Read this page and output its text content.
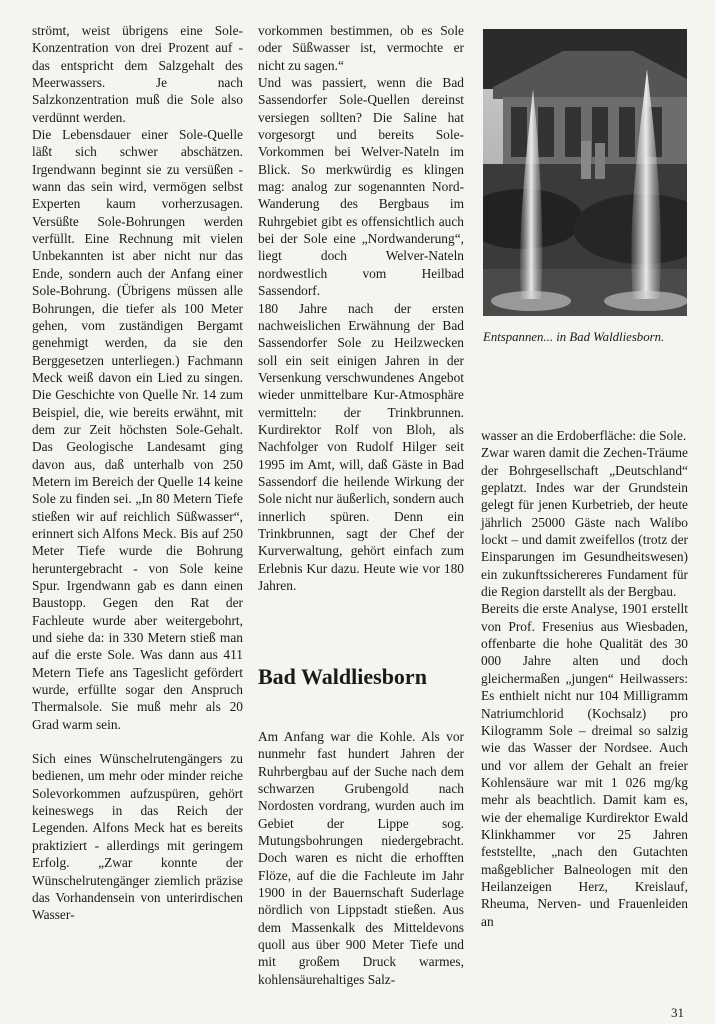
strömt, weist übrigens eine Sole-Konzentration von drei Prozent auf - das entspricht dem Salzgehalt des Meerwassers. Je nach Salzkonzentration muß die Sole also verdünnt werden.

Die Lebensdauer einer Sole-Quelle läßt sich schwer abschätzen. Irgendwann beginnt sie zu versüßen - wann das sein wird, vermögen selbst Experten kaum vorherzusagen. Versüßte Sole-Bohrungen werden verfüllt. Eine Rechnung mit vielen Unbekannten ist aber nicht nur das Ende, sondern auch der Anfang einer Sole-Bohrung. (Übrigens müssen alle Bohrungen, die tiefer als 100 Meter gehen, vom zuständigen Bergamt genehmigt werden, da sie den Berggesetzen unterliegen.) Fachmann Meck weiß davon ein Lied zu singen. Die Geschichte von Quelle Nr. 14 zum Beispiel, die, wie bereits erwähnt, mit dem zur Zeit höchsten Sole-Gehalt. Das Geologische Landesamt ging davon aus, daß unterhalb von 250 Metern im Bereich der Quelle 14 keine Sole zu finden sei. „In 80 Metern Tiefe stießen wir auf reichlich Süßwasser“, erinnert sich Alfons Meck. Bis auf 250 Meter Tiefe wurde die Bohrung heruntergebracht - von Sole keine Spur. Irgendwann gab es dann einen Baustopp. Gegen den Rat der Fachleute wurde aber weitergebohrt, und siehe da: in 330 Metern stieß man auf die erste Sole. Was dann aus 411 Metern Tiefe ans Tageslicht gefördert wurde, erfüllte sogar den Anspruch Thermalsole. Sie muß mehr als 20 Grad warm sein.

Sich eines Wünschelrutengängers zu bedienen, um mehr oder minder reiche Solevorkommen aufzuspüren, gehört keineswegs in das Reich der Legenden. Alfons Meck hat es bereits praktiziert - allerdings mit geringem Erfolg. „Zwar konnte der Wünschelrutengänger ziemlich präzise das Vorhandensein von unterirdischen Wasser-

vorkommen bestimmen, ob es Sole oder Süßwasser ist, vermochte er nicht zu sagen.“

Und was passiert, wenn die Bad Sassendorfer Sole-Quellen dereinst versiegen sollten? Die Saline hat vorgesorgt und bereits Sole-Vorkommen bei Welver-Nateln im Blick. So merkwürdig es klingen mag: analog zur sogenannten Nord-Wanderung des Bergbaus im Ruhrgebiet gibt es offensichtlich auch bei der Sole eine „Nordwanderung“, liegt doch Welver-Nateln nordwestlich vom Heilbad Sassendorf.

180 Jahre nach der ersten nachweislichen Erwähnung der Bad Sassendorfer Sole zu Heilzwecken soll ein seit einigen Jahren in der Versenkung verschwundenes Angebot wieder unmittelbare Kur-Atmosphäre vermitteln: der Trinkbrunnen. Kurdirektor Rolf von Bloh, als Nachfolger von Rudolf Hilger seit 1995 im Amt, will, daß Gäste in Bad Sassendorf die heilende Wirkung der Sole nicht nur äußerlich, sondern auch innerlich spüren. Denn ein Trinkbrunnen, sagt der Chef der Kurverwaltung, gehört einfach zum Erlebnis Kur dazu. Heute wie vor 180 Jahren.

Bad Waldliesborn

Am Anfang war die Kohle. Als vor nunmehr fast hundert Jahren der Ruhrbergbau auf der Suche nach dem schwarzen Grubengold nach Nordosten vordrang, wurden auch im Gebiet der Lippe sog. Mutungsbohrungen niedergebracht. Doch waren es nicht die erhofften Flöze, auf die die Fachleute im Jahr 1900 in der Bauernschaft Suderlage nördlich von Lippstadt stießen. Aus dem Massenkalk des Mitteldevons quoll aus über 900 Meter Tiefe und mit großem Druck warmes, kohlensäurehaltiges Salz-

Entspannen... in Bad Waldliesborn.

wasser an die Erdoberfläche: die Sole.

Zwar waren damit die Zechen-Träume der Bohrgesellschaft „Deutschland“ geplatzt. Indes war der Grundstein gelegt für jenen Kurbetrieb, der heute jährlich 25000 Gäste nach Walibo lockt – und damit zweifellos (trotz der Einsparungen im Gesundheitswesen) ein zukunftssichereres Fundament für die Region darstellt als der Bergbau.

Bereits die erste Analyse, 1901 erstellt von Prof. Fresenius aus Wiesbaden, offenbarte die hohe Qualität des 30 000 Jahre alten und doch gleichermaßen „jungen“ Heilwassers: Es enthielt nicht nur 104 Milligramm Natriumchlorid (Kochsalz) pro Kilogramm Sole – dreimal so salzig wie das Wasser der Nordsee. Auch und vor allem der Gehalt an freier Kohlensäure war mit 1 026 mg/kg mehr als beachtlich. Damit kam es, wie der ehemalige Kurdirektor Ewald Klinkhammer vor 25 Jahren feststellte, „nach den Gutachten maßgeblicher Balneologen mit den Heilanzeigen Herz, Kreislauf, Rheuma, Nerven- und Frauenleiden an

31
